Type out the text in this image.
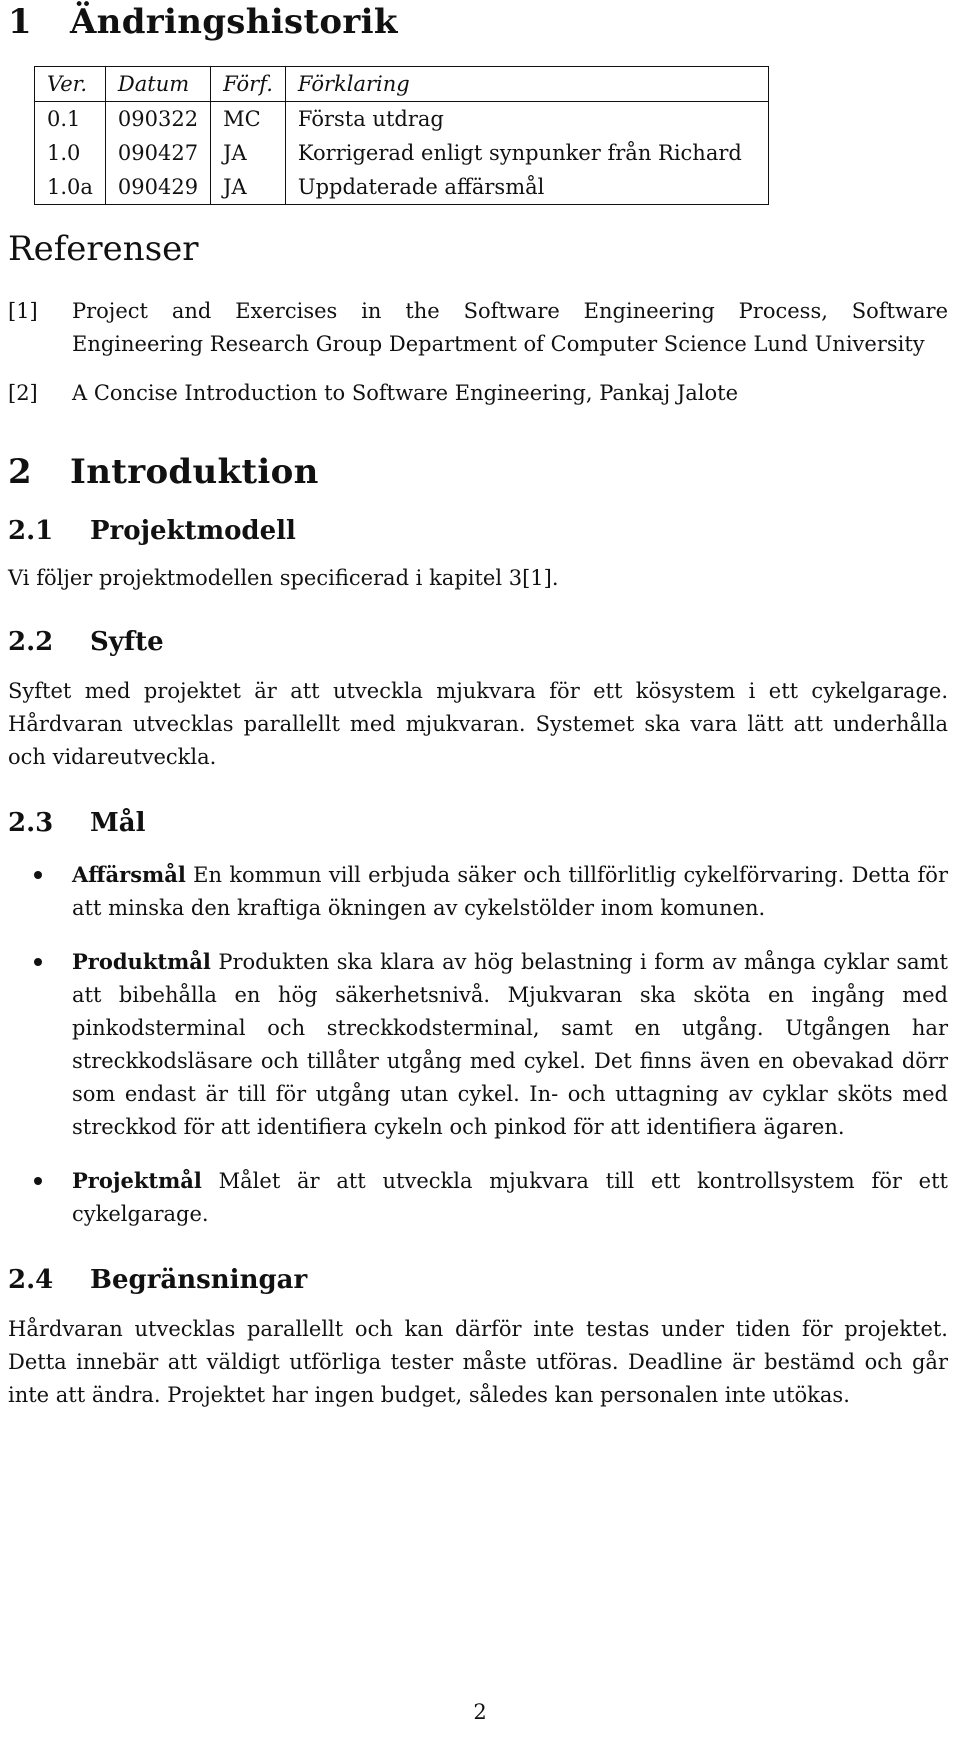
1 Ändringshistorik
Ver.	Datum	Förf.	Förklaring
0.1	090322	MC	Första utdrag
1.0	090427	JA	Korrigerad enligt synpunker från Richard
1.0a	090429	JA	Uppdaterade affärsmål
Referenser
[1] Project and Exercises in the Software Engineering Process, Software Engineering Research Group Department of Computer Science Lund University
[2] A Concise Introduction to Software Engineering, Pankaj Jalote
2 Introduktion
2.1 Projektmodell

Vi följer projektmodellen specificerad i kapitel 3[1].

2.2 Syfte

Syftet med projektet är att utveckla mjukvara för ett kösystem i ett cykelgarage. Hårdvaran utvecklas parallellt med mjukvaran. Systemet ska vara lätt att underhålla och vidareutveckla.

2.3 Mål
Affärsmål En kommun vill erbjuda säker och tillförlitlig cykelförvaring. Detta för att minska den kraftiga ökningen av cykelstölder inom komunen.
Produktmål Produkten ska klara av hög belastning i form av många cyklar samt att bibehålla en hög säkerhetsnivå. Mjukvaran ska sköta en ingång med pinkodsterminal och streckkodsterminal, samt en utgång. Utgången har streckkodsläsare och tillåter utgång med cykel. Det finns även en obevakad dörr som endast är till för utgång utan cykel. In- och uttagning av cyklar sköts med streckkod för att identifiera cykeln och pinkod för att identifiera ägaren.
Projektmål Målet är att utveckla mjukvara till ett kontrollsystem för ett cykelgarage.
2.4 Begränsningar

Hårdvaran utvecklas parallellt och kan därför inte testas under tiden för projektet. Detta innebär att väldigt utförliga tester måste utföras. Deadline är bestämd och går inte att ändra. Projektet har ingen budget, således kan personalen inte utökas.

2
